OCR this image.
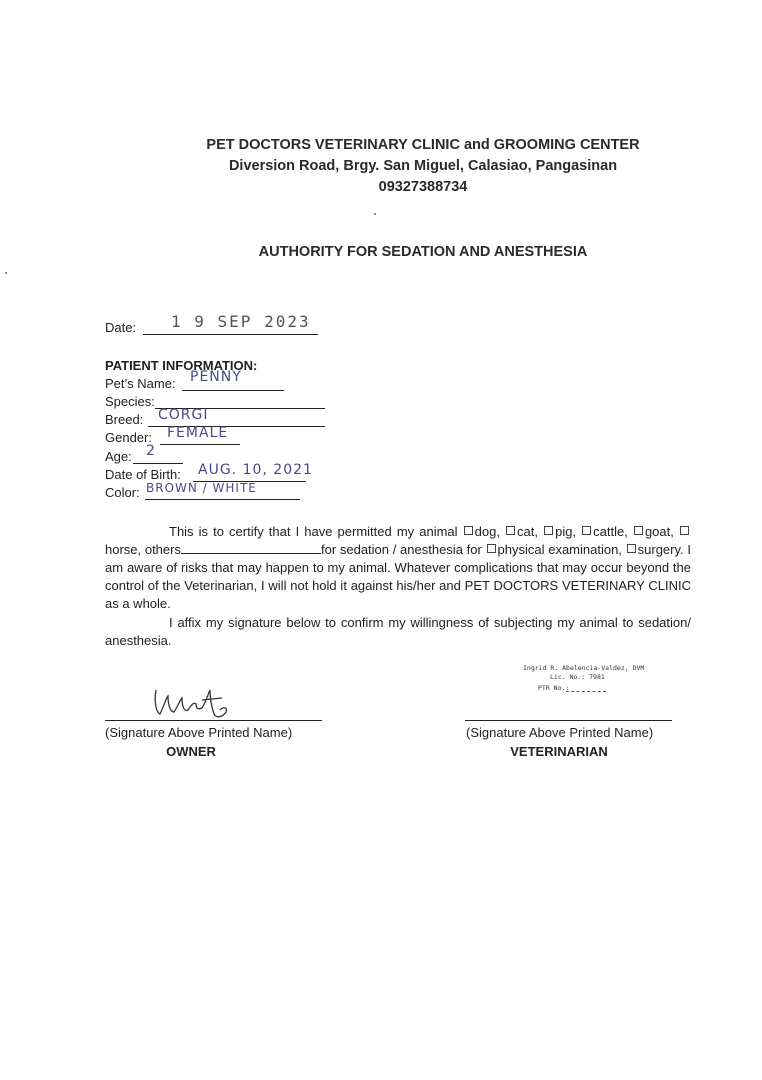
PET DOCTORS VETERINARY CLINIC and GROOMING CENTER
Diversion Road, Brgy. San Miguel, Calasiao, Pangasinan
09327388734
AUTHORITY FOR SEDATION AND ANESTHESIA
Date: 1 9 SEP 2023
PATIENT INFORMATION:
Pet’s Name: PENNY
Species:
Breed: CORGI
Gender: FEMALE
Age: 2
Date of Birth: AUG. 10, 2021
Color: BROWN / WHITE
This is to certify that I have permitted my animal dog, cat, pig, cattle, goat, horse, others	for sedation / anesthesia for physical examination, surgery. I am aware of risks that may happen to my animal. Whatever complications that may occur beyond the control of the Veterinarian, I will not hold it against his/her and PET DOCTORS VETERINARY CLINIC as a whole.
I affix my signature below to confirm my willingness of subjecting my animal to sedation/ anesthesia.
(Signature Above Printed Name)
OWNER
Ingrid R. Abelencia-Valdez, DVM
Lic. No.: 7981
PTR No.:
(Signature Above Printed Name)
VETERINARIAN
